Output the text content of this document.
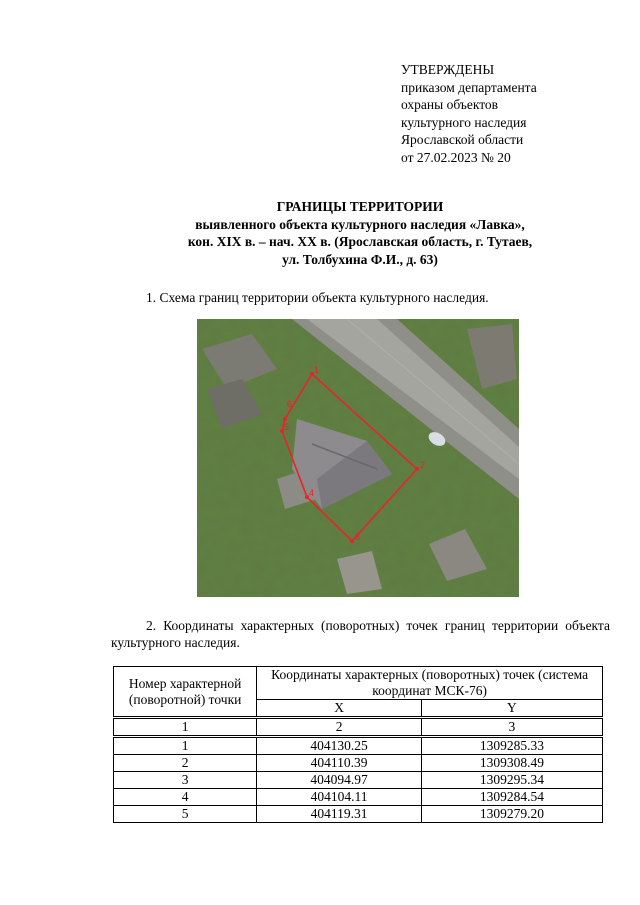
УТВЕРЖДЕНЫ
приказом департамента
охраны объектов
культурного наследия
Ярославской области
от 27.02.2023 № 20
ГРАНИЦЫ ТЕРРИТОРИИ
выявленного объекта культурного наследия «Лавка»,
кон. XIX в. – нач. XX в. (Ярославская область, г. Тутаев,
ул. Толбухина Ф.И., д. 63)
1. Схема границ территории объекта культурного наследия.
1
2
3
4
5
6
2. Координаты характерных (поворотных) точек границ территории объекта культурного наследия.
Номер характерной (поворотной) точки	Координаты характерных (поворотных) точек (система координат МСК-76)	
	X	Y
1	2	3
1	404130.25	1309285.33
2	404110.39	1309308.49
3	404094.97	1309295.34
4	404104.11	1309284.54
5	404119.31	1309279.20
